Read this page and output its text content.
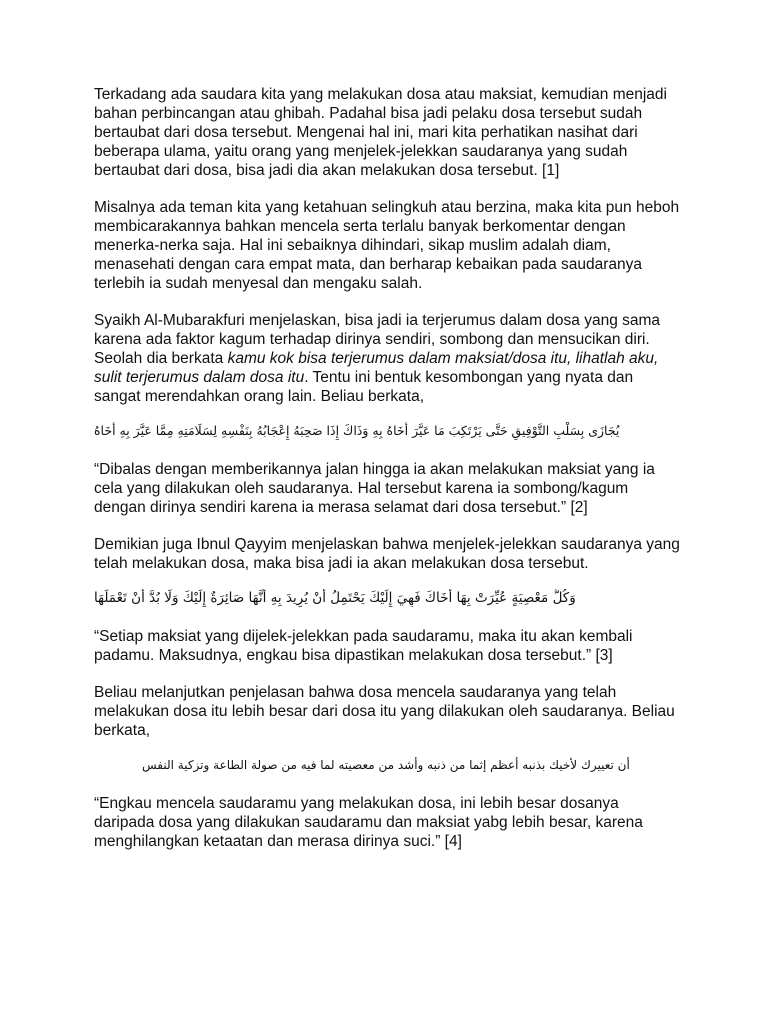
Terkadang ada saudara kita yang melakukan dosa atau maksiat, kemudian menjadi bahan perbincangan atau ghibah. Padahal bisa jadi pelaku dosa tersebut sudah bertaubat dari dosa tersebut. Mengenai hal ini, mari kita perhatikan nasihat dari beberapa ulama, yaitu orang yang menjelek-jelekkan saudaranya yang sudah bertaubat dari dosa, bisa jadi dia akan melakukan dosa tersebut. [1]

Misalnya ada teman kita yang ketahuan selingkuh atau berzina, maka kita pun heboh membicarakannya bahkan mencela serta terlalu banyak berkomentar dengan menerka-nerka saja. Hal ini sebaiknya dihindari, sikap muslim adalah diam, menasehati dengan cara empat mata, dan berharap kebaikan pada saudaranya terlebih ia sudah menyesal dan mengaku salah.

Syaikh Al-Mubarakfuri menjelaskan, bisa jadi ia terjerumus dalam dosa yang sama karena ada faktor kagum terhadap dirinya sendiri, sombong dan mensucikan diri. Seolah dia berkata kamu kok bisa terjerumus dalam maksiat/dosa itu, lihatlah aku, sulit terjerumus dalam dosa itu. Tentu ini bentuk kesombongan yang nyata dan sangat merendahkan orang lain. Beliau berkata,

يُجَازَى بِسَلْبِ التَّوْفِيقِ حَتَّى يَرْتَكِبَ مَا عَيَّرَ أَخَاهُ بِهِ وَذَاكَ إِذَا صَحِبَهُ إِعْجَابُهُ بِنَفْسِهِ لِسَلَامَتِهِ مِمَّا عَيَّرَ بِهِ أَخَاهُ

“Dibalas dengan memberikannya jalan hingga ia akan melakukan maksiat yang ia cela yang dilakukan oleh saudaranya. Hal tersebut karena ia sombong/kagum dengan dirinya sendiri karena ia merasa selamat dari dosa tersebut.” [2]

Demikian juga Ibnul Qayyim menjelaskan bahwa menjelek-jelekkan saudaranya yang telah melakukan dosa, maka bisa jadi ia akan melakukan dosa tersebut.

وَكُلُّ مَعْصِيَةٍ عُيِّرَتْ بِهَا أَخَاكَ فَهِيَ إِلَيْكَ يَحْتَمِلُ أَنْ يُرِيدَ بِهِ أَنَّهَا صَائِرَةٌ إِلَيْكَ وَلَا بُدَّ أَنْ تَعْمَلَهَا

“Setiap maksiat yang dijelek-jelekkan pada saudaramu, maka itu akan kembali padamu. Maksudnya, engkau bisa dipastikan melakukan dosa tersebut.” [3]

Beliau melanjutkan penjelasan bahwa dosa mencela saudaranya yang telah melakukan dosa itu lebih besar dari dosa itu yang dilakukan oleh saudaranya. Beliau berkata,

أن تعييرك لأخيك بذنبه أعظم إثما من ذنبه وأشد من معصيته لما فيه من صولة الطاعة وتزكية النفس

“Engkau mencela saudaramu yang melakukan dosa, ini lebih besar dosanya daripada dosa yang dilakukan saudaramu dan maksiat yabg lebih besar, karena menghilangkan ketaatan dan merasa dirinya suci.” [4]
